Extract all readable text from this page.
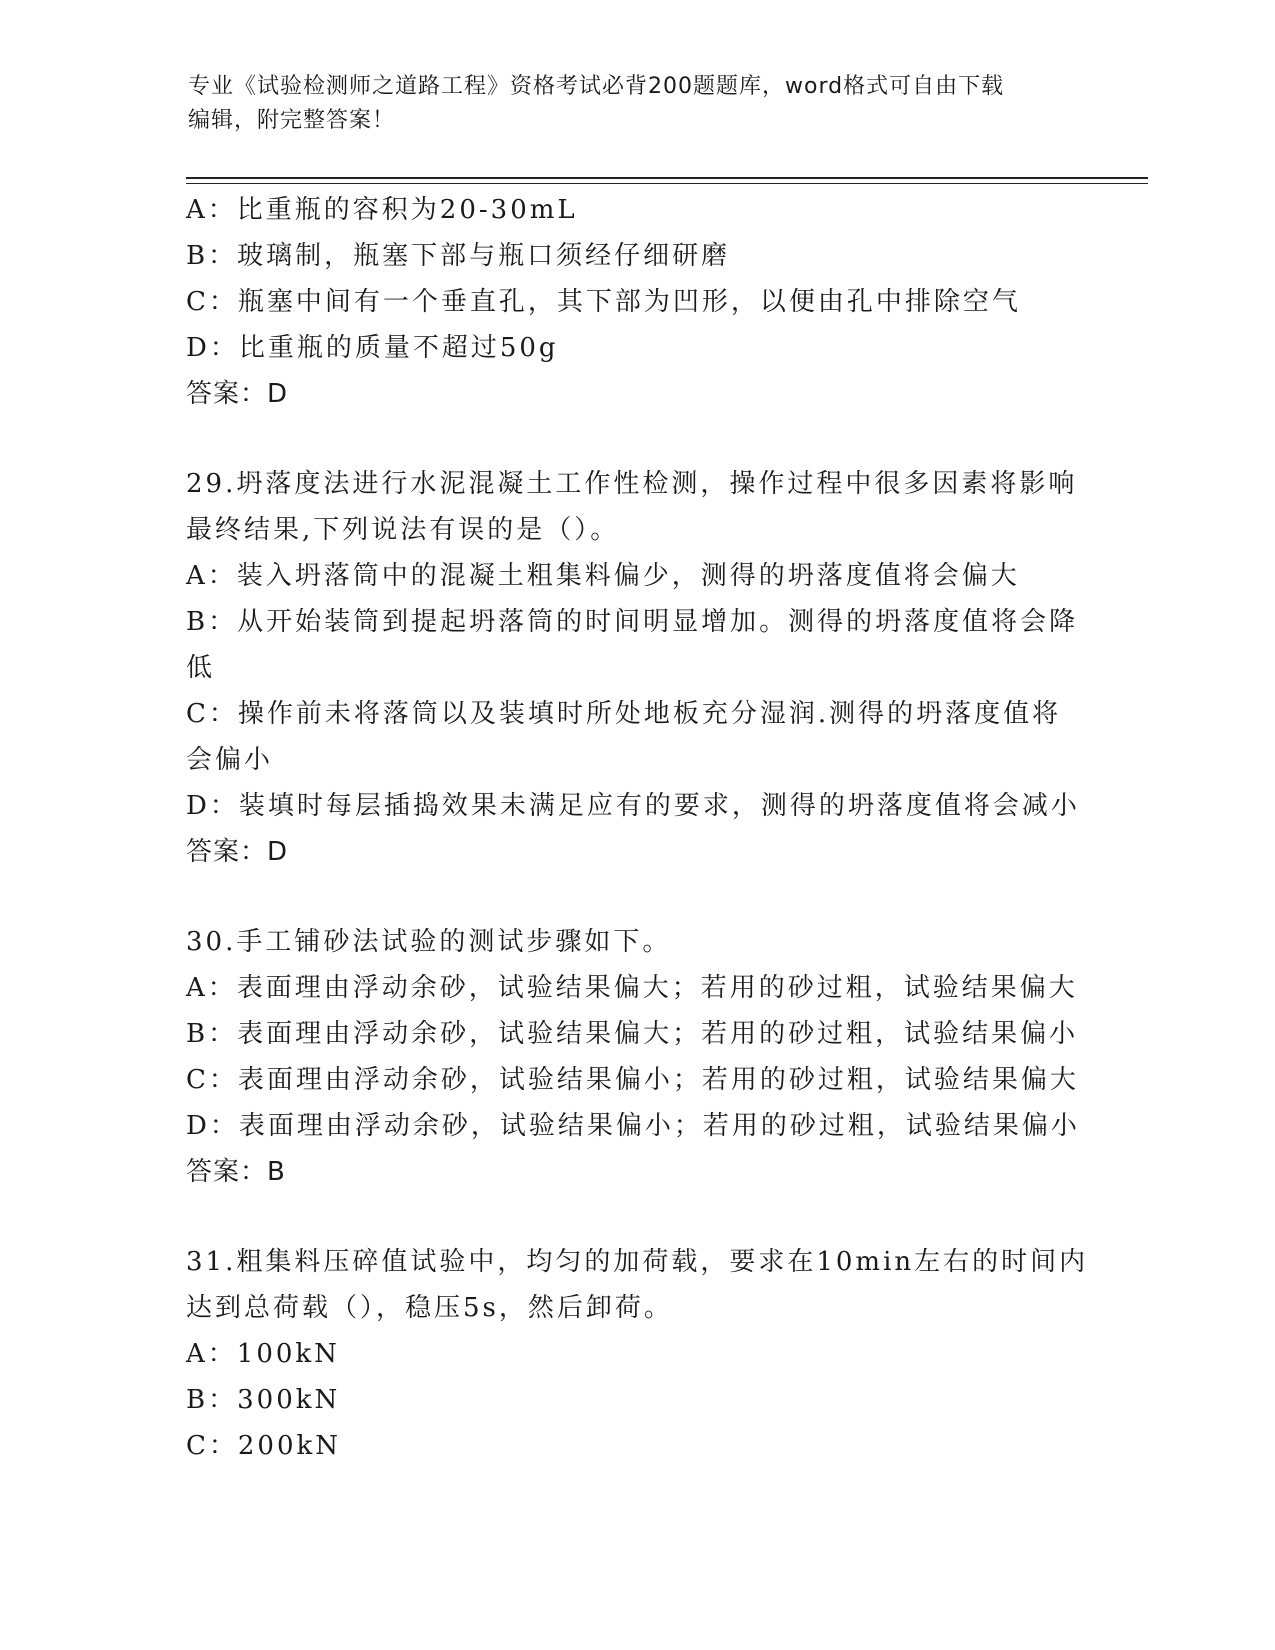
专业《试验检测师之道路工程》资格考试必背200题题库，word格式可自由下载
编辑，附完整答案！
A：比重瓶的容积为20-30mL
B：玻璃制，瓶塞下部与瓶口须经仔细研磨
C：瓶塞中间有一个垂直孔，其下部为凹形，以便由孔中排除空气
D：比重瓶的质量不超过50g
答案：D
29.坍落度法进行水泥混凝土工作性检测，操作过程中很多因素将影响
最终结果,下列说法有误的是（）。
A：装入坍落筒中的混凝土粗集料偏少，测得的坍落度值将会偏大
B：从开始装筒到提起坍落筒的时间明显增加。测得的坍落度值将会降
低
C：操作前未将落筒以及装填时所处地板充分湿润.测得的坍落度值将
会偏小
D：装填时每层插捣效果未满足应有的要求，测得的坍落度值将会减小
答案：D
30.手工铺砂法试验的测试步骤如下。
A：表面理由浮动余砂，试验结果偏大；若用的砂过粗，试验结果偏大
B：表面理由浮动余砂，试验结果偏大；若用的砂过粗，试验结果偏小
C：表面理由浮动余砂，试验结果偏小；若用的砂过粗，试验结果偏大
D：表面理由浮动余砂，试验结果偏小；若用的砂过粗，试验结果偏小
答案：B
31.粗集料压碎值试验中，均匀的加荷载，要求在10min左右的时间内
达到总荷载（），稳压5s，然后卸荷。
A：100kN
B：300kN
C：200kN
